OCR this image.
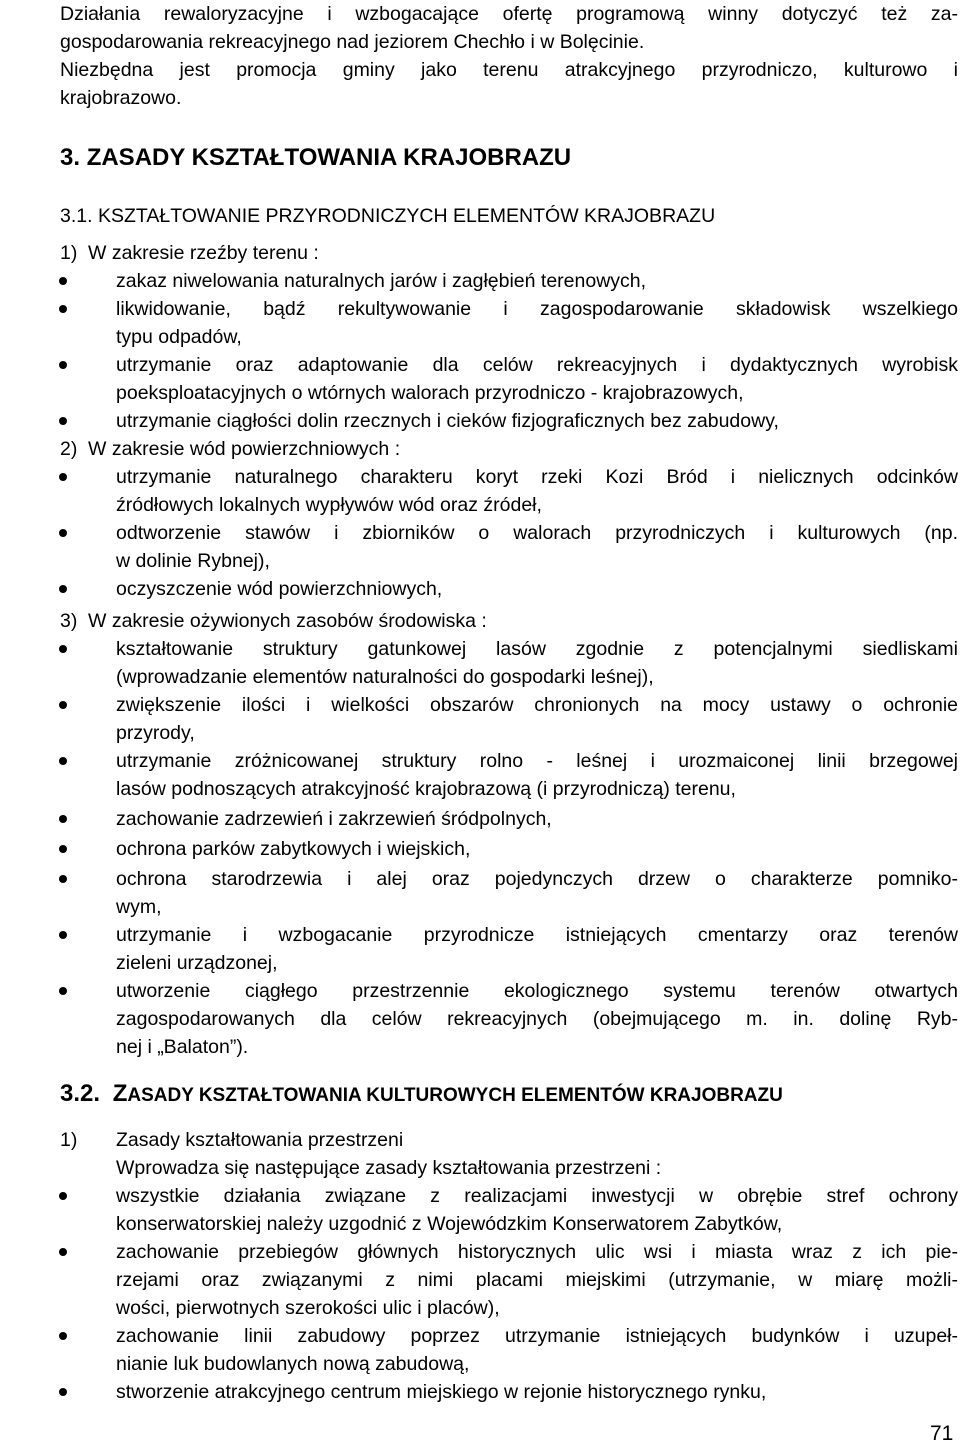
Działania rewaloryzacyjne i wzbogacające ofertę programową winny dotyczyć też za-
gospodarowania rekreacyjnego nad jeziorem Chechło i w Bolęcinie.
Niezbędna jest promocja gminy jako terenu atrakcyjnego przyrodniczo, kulturowo i
krajobrazowo.
3. ZASADY KSZTAŁTOWANIA KRAJOBRAZU
3.1. KSZTAŁTOWANIE PRZYRODNICZYCH ELEMENTÓW KRAJOBRAZU
1) W zakresie rzeźby terenu :
zakaz niwelowania naturalnych jarów i zagłębień terenowych,
likwidowanie, bądź rekultywowanie i zagospodarowanie składowisk wszelkiego
typu odpadów,
utrzymanie oraz adaptowanie dla celów rekreacyjnych i dydaktycznych wyrobisk
poeksploatacyjnych o wtórnych walorach przyrodniczo - krajobrazowych,
utrzymanie ciągłości dolin rzecznych i cieków fizjograficznych bez zabudowy,
2) W zakresie wód powierzchniowych :
utrzymanie naturalnego charakteru koryt rzeki Kozi Bród i nielicznych odcinków
źródłowych lokalnych wypływów wód oraz źródeł,
odtworzenie stawów i zbiorników o walorach przyrodniczych i kulturowych (np.
w dolinie Rybnej),
oczyszczenie wód powierzchniowych,
3) W zakresie ożywionych zasobów środowiska :
kształtowanie struktury gatunkowej lasów zgodnie z potencjalnymi siedliskami
(wprowadzanie elementów naturalności do gospodarki leśnej),
zwiększenie ilości i wielkości obszarów chronionych na mocy ustawy o ochronie
przyrody,
utrzymanie zróżnicowanej struktury rolno - leśnej i urozmaiconej linii brzegowej
lasów podnoszących atrakcyjność krajobrazową (i przyrodniczą) terenu,
zachowanie zadrzewień i zakrzewień śródpolnych,
ochrona parków zabytkowych i wiejskich,
ochrona starodrzewia i alej oraz pojedynczych drzew o charakterze pomniko-
wym,
utrzymanie i wzbogacanie przyrodnicze istniejących cmentarzy oraz terenów
zieleni urządzonej,
utworzenie ciągłego przestrzennie ekologicznego systemu terenów otwartych
zagospodarowanych dla celów rekreacyjnych (obejmującego m. in. dolinę Ryb-
nej i „Balaton”).
3.2. ZASADY KSZTAŁTOWANIA KULTUROWYCH ELEMENTÓW KRAJOBRAZU
1) Zasady kształtowania przestrzeni
Wprowadza się następujące zasady kształtowania przestrzeni :
wszystkie działania związane z realizacjami inwestycji w obrębie stref ochrony
konserwatorskiej należy uzgodnić z Wojewódzkim Konserwatorem Zabytków,
zachowanie przebiegów głównych historycznych ulic wsi i miasta wraz z ich pie-
rzejami oraz związanymi z nimi placami miejskimi (utrzymanie, w miarę możli-
wości, pierwotnych szerokości ulic i placów),
zachowanie linii zabudowy poprzez utrzymanie istniejących budynków i uzupeł-
nianie luk budowlanych nową zabudową,
stworzenie atrakcyjnego centrum miejskiego w rejonie historycznego rynku,
71
